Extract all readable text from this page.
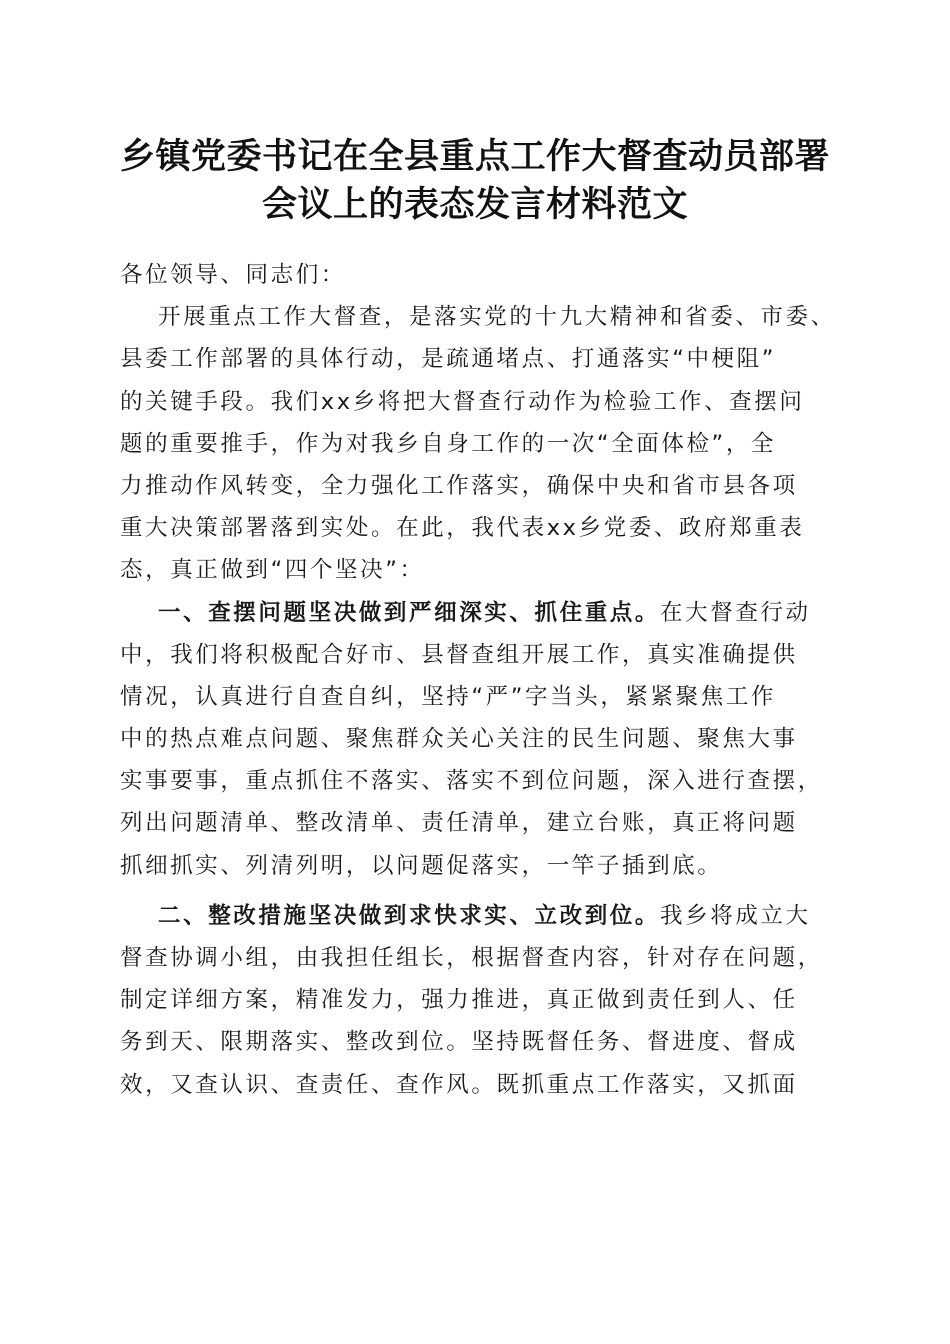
乡镇党委书记在全县重点工作大督查动员部署
会议上的表态发言材料范文
各位领导、同志们：
开展重点工作大督查，是落实党的十九大精神和省委、市委、
县委工作部署的具体行动，是疏通堵点、打通落实“中梗阻”
的关键手段。我们xx乡将把大督查行动作为检验工作、查摆问
题的重要推手，作为对我乡自身工作的一次“全面体检”，全
力推动作风转变，全力强化工作落实，确保中央和省市县各项
重大决策部署落到实处。在此，我代表xx乡党委、政府郑重表
态，真正做到“四个坚决”：
一、查摆问题坚决做到严细深实、抓住重点。在大督查行动
中，我们将积极配合好市、县督查组开展工作，真实准确提供
情况，认真进行自查自纠，坚持“严”字当头，紧紧聚焦工作
中的热点难点问题、聚焦群众关心关注的民生问题、聚焦大事
实事要事，重点抓住不落实、落实不到位问题，深入进行查摆，
列出问题清单、整改清单、责任清单，建立台账，真正将问题
抓细抓实、列清列明，以问题促落实，一竿子插到底。
二、整改措施坚决做到求快求实、立改到位。我乡将成立大
督查协调小组，由我担任组长，根据督查内容，针对存在问题，
制定详细方案，精准发力，强力推进，真正做到责任到人、任
务到天、限期落实、整改到位。坚持既督任务、督进度、督成
效，又查认识、查责任、查作风。既抓重点工作落实，又抓面
